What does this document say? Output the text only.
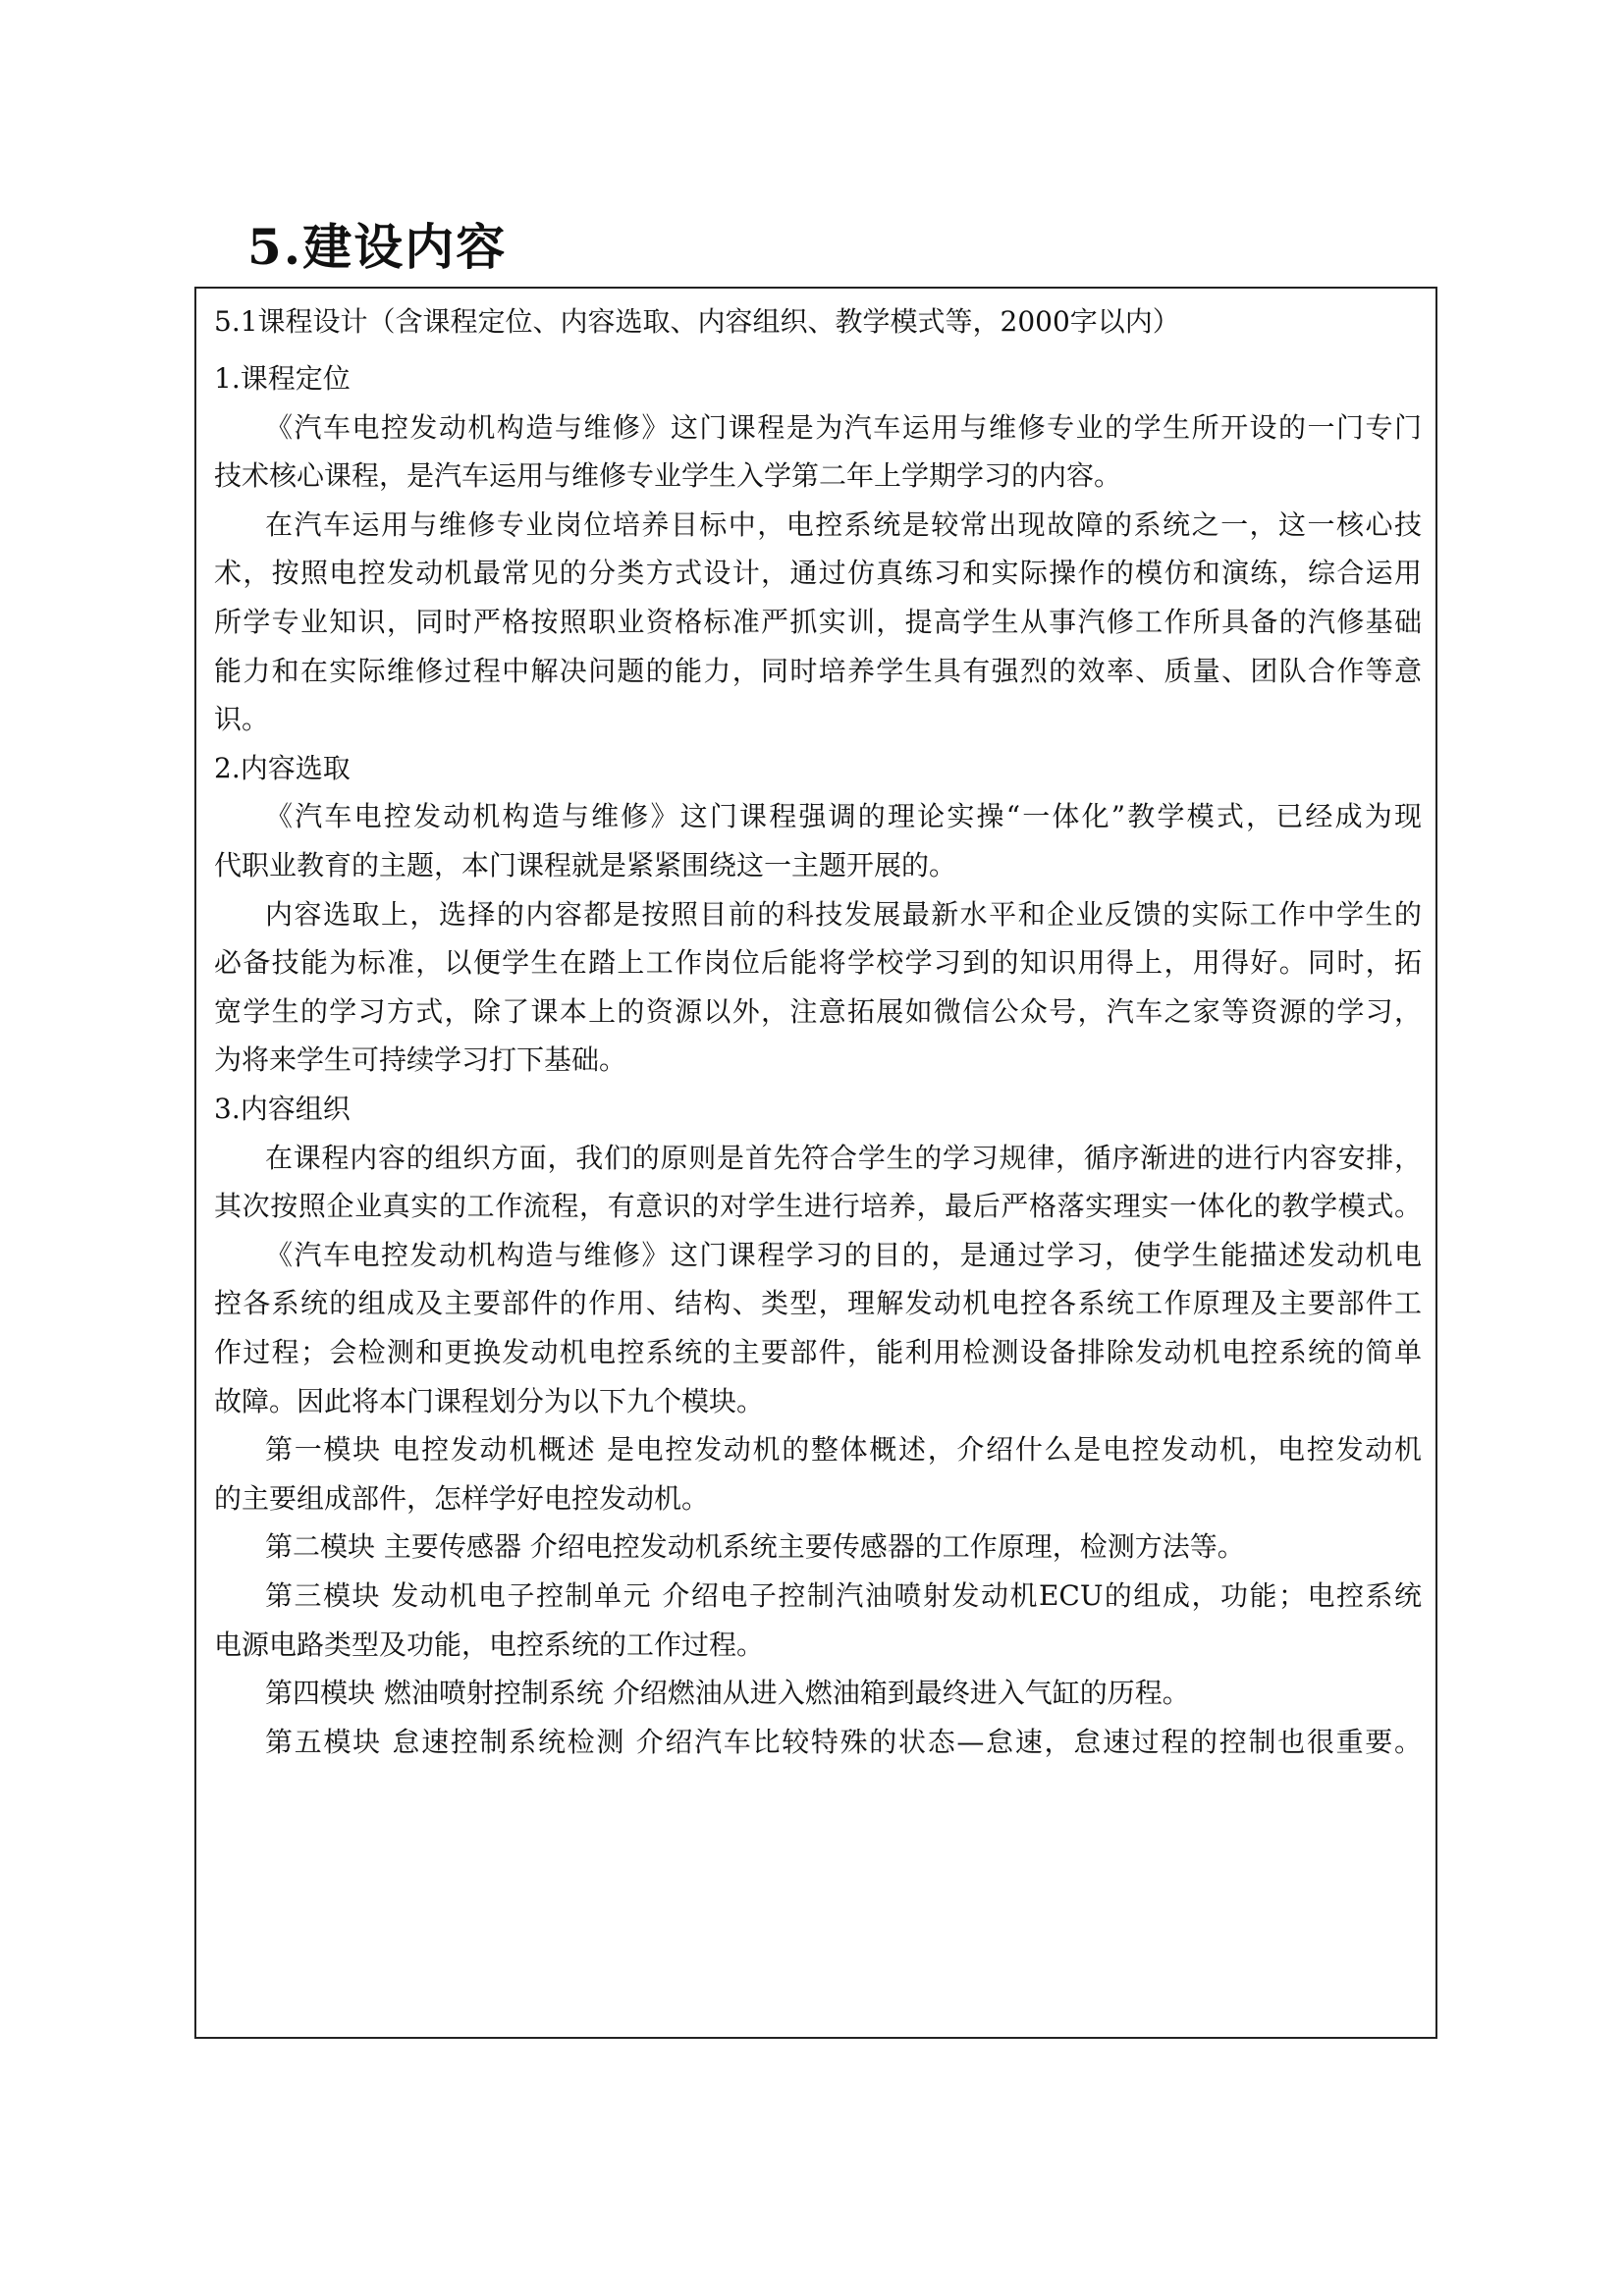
5.建设内容
5.1课程设计（含课程定位、内容选取、内容组织、教学模式等，2000字以内）
1.课程定位
《汽车电控发动机构造与维修》这门课程是为汽车运用与维修专业的学生所开设的一门专门
技术核心课程，是汽车运用与维修专业学生入学第二年上学期学习的内容。
在汽车运用与维修专业岗位培养目标中，电控系统是较常出现故障的系统之一，这一核心技
术，按照电控发动机最常见的分类方式设计，通过仿真练习和实际操作的模仿和演练，综合运用
所学专业知识，同时严格按照职业资格标准严抓实训，提高学生从事汽修工作所具备的汽修基础
能力和在实际维修过程中解决问题的能力，同时培养学生具有强烈的效率、质量、团队合作等意
识。
2.内容选取
《汽车电控发动机构造与维修》这门课程强调的理论实操“一体化”教学模式，已经成为现
代职业教育的主题，本门课程就是紧紧围绕这一主题开展的。
内容选取上，选择的内容都是按照目前的科技发展最新水平和企业反馈的实际工作中学生的
必备技能为标准，以便学生在踏上工作岗位后能将学校学习到的知识用得上，用得好。同时，拓
宽学生的学习方式，除了课本上的资源以外，注意拓展如微信公众号，汽车之家等资源的学习，
为将来学生可持续学习打下基础。
3.内容组织
在课程内容的组织方面，我们的原则是首先符合学生的学习规律，循序渐进的进行内容安排，
其次按照企业真实的工作流程，有意识的对学生进行培养，最后严格落实理实一体化的教学模式。
《汽车电控发动机构造与维修》这门课程学习的目的，是通过学习，使学生能描述发动机电
控各系统的组成及主要部件的作用、结构、类型，理解发动机电控各系统工作原理及主要部件工
作过程；会检测和更换发动机电控系统的主要部件，能利用检测设备排除发动机电控系统的简单
故障。因此将本门课程划分为以下九个模块。
第一模块 电控发动机概述 是电控发动机的整体概述，介绍什么是电控发动机，电控发动机
的主要组成部件，怎样学好电控发动机。
第二模块 主要传感器 介绍电控发动机系统主要传感器的工作原理，检测方法等。
第三模块 发动机电子控制单元 介绍电子控制汽油喷射发动机ECU的组成，功能；电控系统
电源电路类型及功能，电控系统的工作过程。
第四模块 燃油喷射控制系统 介绍燃油从进入燃油箱到最终进入气缸的历程。
第五模块 怠速控制系统检测 介绍汽车比较特殊的状态—怠速，怠速过程的控制也很重要。
